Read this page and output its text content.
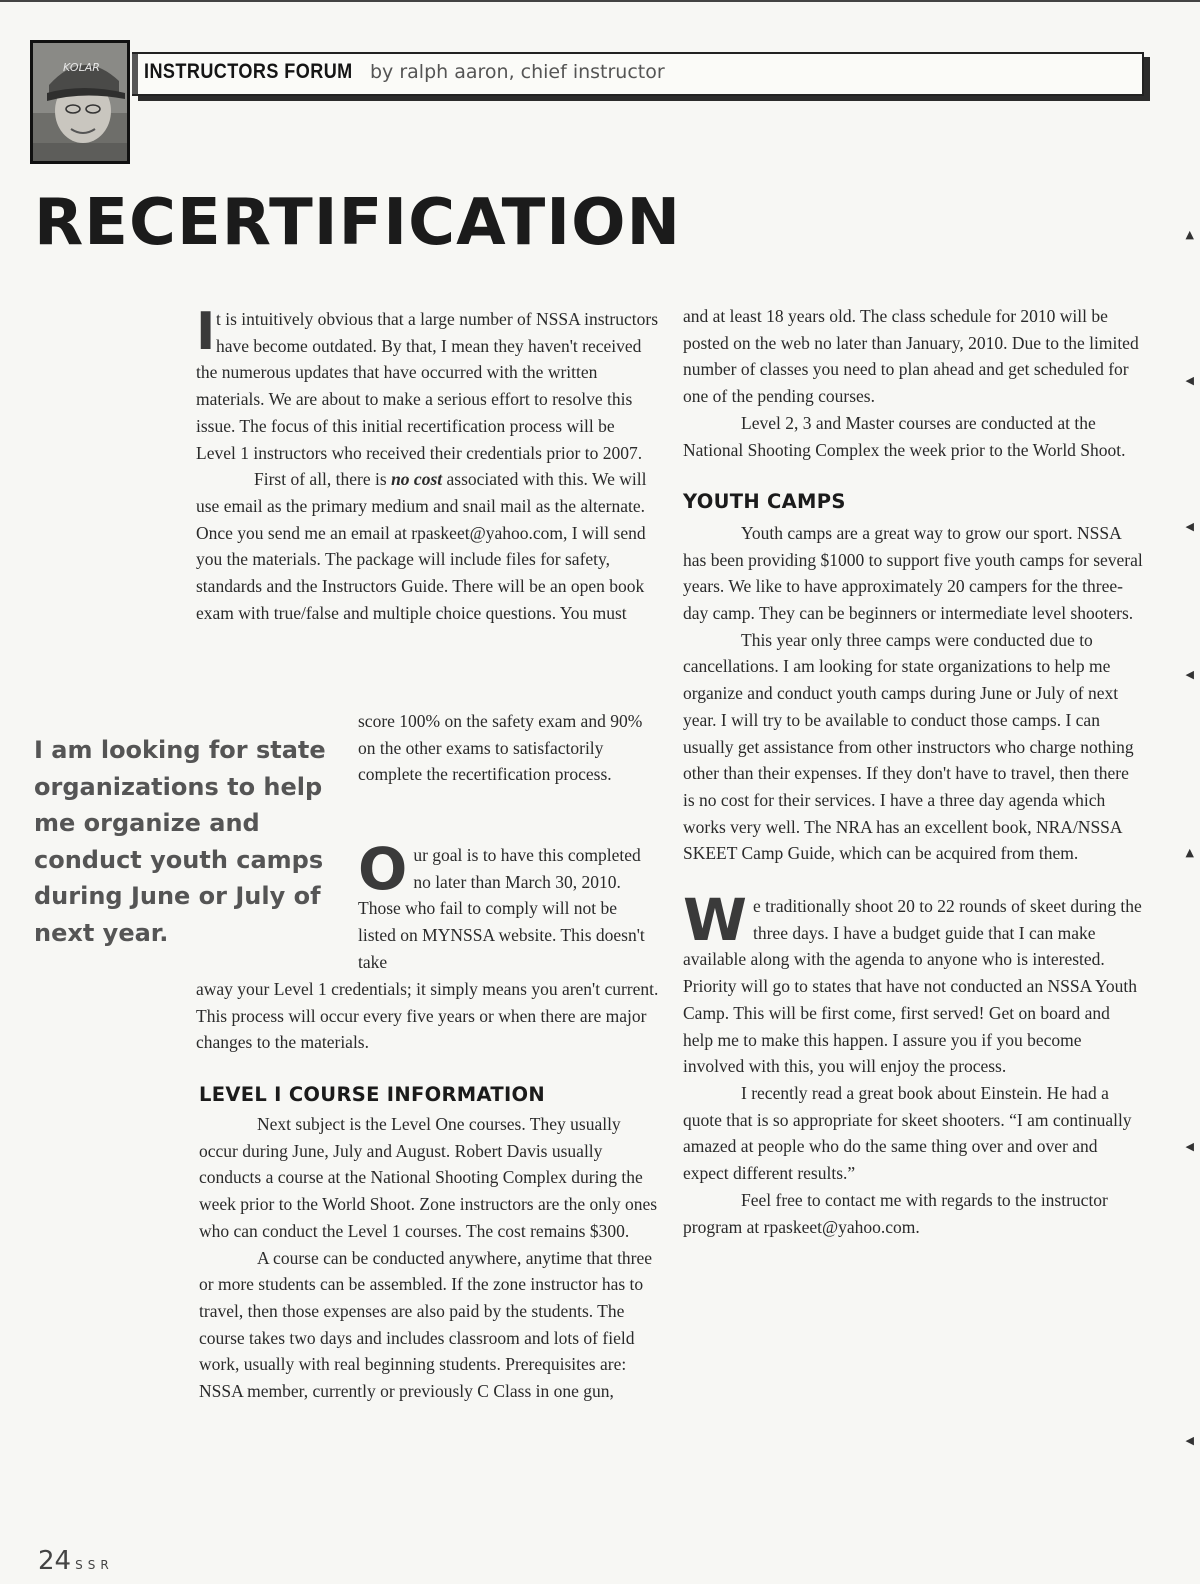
KOLAR INSTRUCTORS FORUM by ralph aaron, chief instructor
RECERTIFICATION

It is intuitively obvious that a large number of NSSA instructors have become outdated. By that, I mean they haven't received the numerous updates that have occurred with the written materials. We are about to make a serious effort to resolve this issue. The focus of this initial recertification process will be Level 1 instructors who received their credentials prior to 2007.

First of all, there is no cost associated with this. We will use email as the primary medium and snail mail as the alternate. Once you send me an email at rpaskeet@yahoo.com, I will send you the materials. The package will include files for safety, standards and the Instructors Guide. There will be an open book exam with true/false and multiple choice questions. You must

score 100% on the safety exam and 90% on the other exams to satisfactorily complete the recertification process.

Our goal is to have this completed no later than March 30, 2010. Those who fail to comply will not be listed on MYNSSA website. This doesn't take

away your Level 1 credentials; it simply means you aren't current. This process will occur every five years or when there are major changes to the materials.

LEVEL I COURSE INFORMATION

Next subject is the Level One courses. They usually occur during June, July and August. Robert Davis usually conducts a course at the National Shooting Complex during the week prior to the World Shoot. Zone instructors are the only ones who can conduct the Level 1 courses. The cost remains $300.

A course can be conducted anywhere, anytime that three or more students can be assembled. If the zone instructor has to travel, then those expenses are also paid by the students. The course takes two days and includes classroom and lots of field work, usually with real beginning students. Prerequisites are: NSSA member, currently or previously C Class in one gun,

I am looking for state organizations to help me organize and conduct youth camps during June or July of next year.

and at least 18 years old. The class schedule for 2010 will be posted on the web no later than January, 2010. Due to the limited number of classes you need to plan ahead and get scheduled for one of the pending courses.

Level 2, 3 and Master courses are conducted at the National Shooting Complex the week prior to the World Shoot.

YOUTH CAMPS

Youth camps are a great way to grow our sport. NSSA has been providing $1000 to support five youth camps for several years. We like to have approximately 20 campers for the three-day camp. They can be beginners or intermediate level shooters.

This year only three camps were conducted due to cancellations. I am looking for state organizations to help me organize and conduct youth camps during June or July of next year. I will try to be available to conduct those camps. I can usually get assistance from other instructors who charge nothing other than their expenses. If they don't have to travel, then there is no cost for their services. I have a three day agenda which works very well. The NRA has an excellent book, NRA/NSSA SKEET Camp Guide, which can be acquired from them.

We traditionally shoot 20 to 22 rounds of skeet during the three days. I have a budget guide that I can make available along with the agenda to anyone who is interested. Priority will go to states that have not conducted an NSSA Youth Camp. This will be first come, first served! Get on board and help me to make this happen. I assure you if you become involved with this, you will enjoy the process.

I recently read a great book about Einstein. He had a quote that is so appropriate for skeet shooters. “I am continually amazed at people who do the same thing over and over and expect different results.”

Feel free to contact me with regards to the instructor program at rpaskeet@yahoo.com.

24 SSR
▲
◀
◀
◀
▲
◀
◀
